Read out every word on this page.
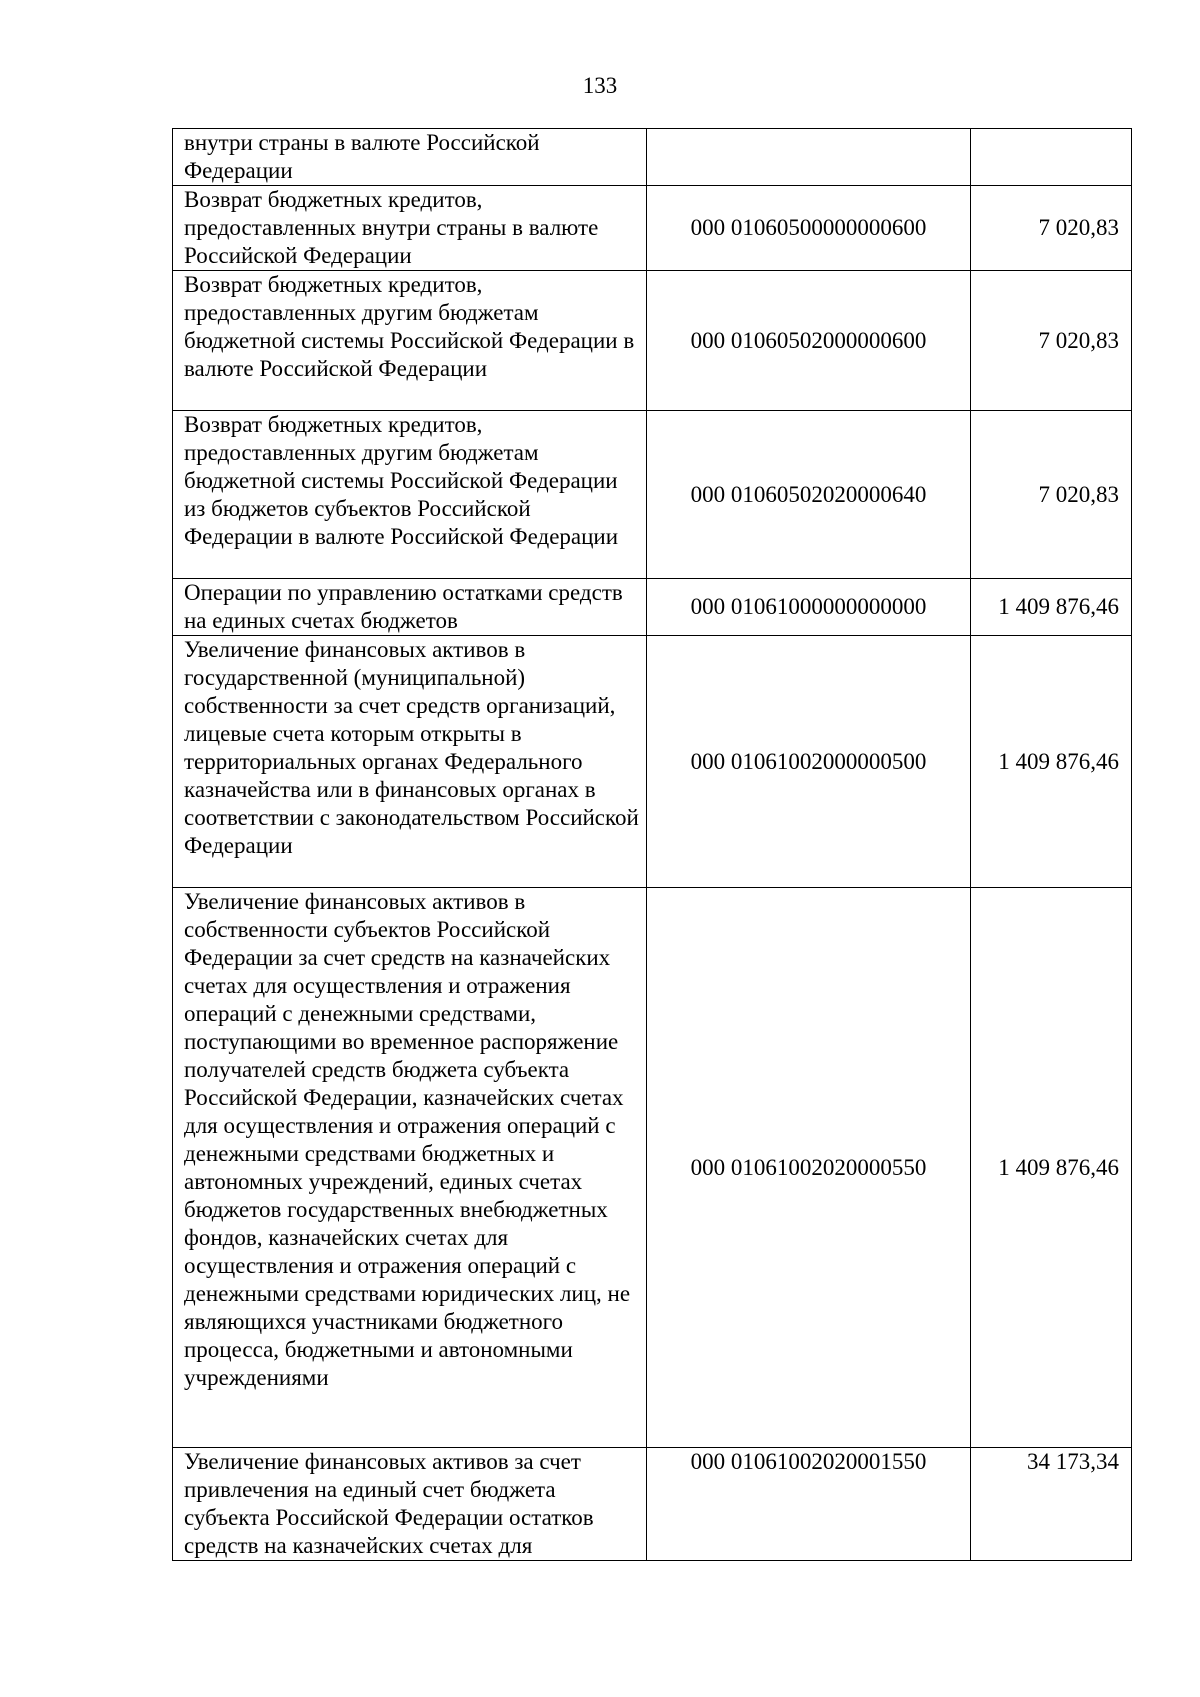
133
внутри страны в валюте Российской Федерации		
Возврат бюджетных кредитов, предоставленных внутри страны в валюте Российской Федерации	000 01060500000000600	7 020,83
Возврат бюджетных кредитов, предоставленных другим бюджетам бюджетной системы Российской Федерации в валюте Российской Федерации	000 01060502000000600	7 020,83
Возврат бюджетных кредитов, предоставленных другим бюджетам бюджетной системы Российской Федерации из бюджетов субъектов Российской Федерации в валюте Российской Федерации	000 01060502020000640	7 020,83
Операции по управлению остатками средств на единых счетах бюджетов	000 01061000000000000	1 409 876,46
Увеличение финансовых активов в государственной (муниципальной) собственности за счет средств организаций, лицевые счета которым открыты в территориальных органах Федерального казначейства или в финансовых органах в соответствии с законодательством Российской Федерации	000 01061002000000500	1 409 876,46
Увеличение финансовых активов в собственности субъектов Российской Федерации за счет средств на казначейских счетах для осуществления и отражения операций с денежными средствами, поступающими во временное распоряжение получателей средств бюджета субъекта Российской Федерации, казначейских счетах для осуществления и отражения операций с денежными средствами бюджетных и автономных учреждений, единых счетах бюджетов государственных внебюджетных фондов, казначейских счетах для осуществления и отражения операций с денежными средствами юридических лиц, не являющихся участниками бюджетного процесса, бюджетными и автономными учреждениями	000 01061002020000550	1 409 876,46
Увеличение финансовых активов за счет привлечения на единый счет бюджета субъекта Российской Федерации остатков средств на казначейских счетах для	000 01061002020001550	34 173,34
